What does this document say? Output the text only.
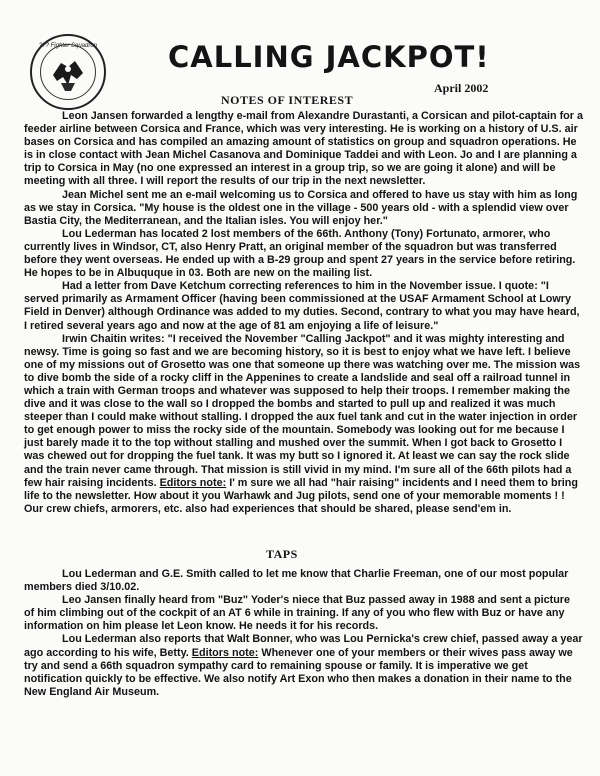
??? Fighter Squadron CALLING JACKPOT!
April 2002
NOTES OF INTEREST

Leon Jansen forwarded a lengthy e-mail from Alexandre Durastanti, a Corsican and pilot-captain for a feeder airline between Corsica and France, which was very interesting. He is working on a history of U.S. air bases on Corsica and has compiled an amazing amount of statistics on group and squadron operations. He is in close contact with Jean Michel Casanova and Dominique Taddei and with Leon. Jo and I are planning a trip to Corsica in May (no one expressed an interest in a group trip, so we are going it alone) and will be meeting with all three. I will report the results of our trip in the next newsletter.

Jean Michel sent me an e-mail welcoming us to Corsica and offered to have us stay with him as long as we stay in Corsica. "My house is the oldest one in the village - 500 years old - with a splendid view over Bastia City, the Mediterranean, and the Italian isles. You will enjoy her."

Lou Lederman has located 2 lost members of the 66th. Anthony (Tony) Fortunato, armorer, who currently lives in Windsor, CT, also Henry Pratt, an original member of the squadron but was transferred before they went overseas. He ended up with a B-29 group and spent 27 years in the service before retiring. He hopes to be in Albuquque in 03. Both are new on the mailing list.

Had a letter from Dave Ketchum correcting references to him in the November issue. I quote: "I served primarily as Armament Officer (having been commissioned at the USAF Armament School at Lowry Field in Denver) although Ordinance was added to my duties. Second, contrary to what you may have heard, I retired several years ago and now at the age of 81 am enjoying a life of leisure."

Irwin Chaitin writes: "I received the November "Calling Jackpot" and it was mighty interesting and newsy. Time is going so fast and we are becoming history, so it is best to enjoy what we have left. I believe one of my missions out of Grosetto was one that someone up there was watching over me. The mission was to dive bomb the side of a rocky cliff in the Appenines to create a landslide and seal off a railroad tunnel in which a train with German troops and whatever was supposed to help their troops. I remember making the dive and it was close to the wall so I dropped the bombs and started to pull up and realized it was much steeper than I could make without stalling. I dropped the aux fuel tank and cut in the water injection in order to get enough power to miss the rocky side of the mountain. Somebody was looking out for me because I just barely made it to the top without stalling and mushed over the summit. When I got back to Grosetto I was chewed out for dropping the fuel tank. It was my butt so I ignored it. At least we can say the rock slide and the train never came through. That mission is still vivid in my mind. I'm sure all of the 66th pilots had a few hair raising incidents. Editors note: I' m sure we all had "hair raising" incidents and I need them to bring life to the newsletter. How about it you Warhawk and Jug pilots, send one of your memorable moments ! ! Our crew chiefs, armorers, etc. also had experiences that should be shared, please send'em in.

TAPS

Lou Lederman and G.E. Smith called to let me know that Charlie Freeman, one of our most popular members died 3/10.02.

Leo Jansen finally heard from "Buz" Yoder's niece that Buz passed away in 1988 and sent a picture of him climbing out of the cockpit of an AT 6 while in training. If any of you who flew with Buz or have any information on him please let Leon know. He needs it for his records.

Lou Lederman also reports that Walt Bonner, who was Lou Pernicka's crew chief, passed away a year ago according to his wife, Betty. Editors note: Whenever one of your members or their wives pass away we try and send a 66th squadron sympathy card to remaining spouse or family. It is imperative we get notification quickly to be effective. We also notify Art Exon who then makes a donation in their name to the New England Air Museum.
